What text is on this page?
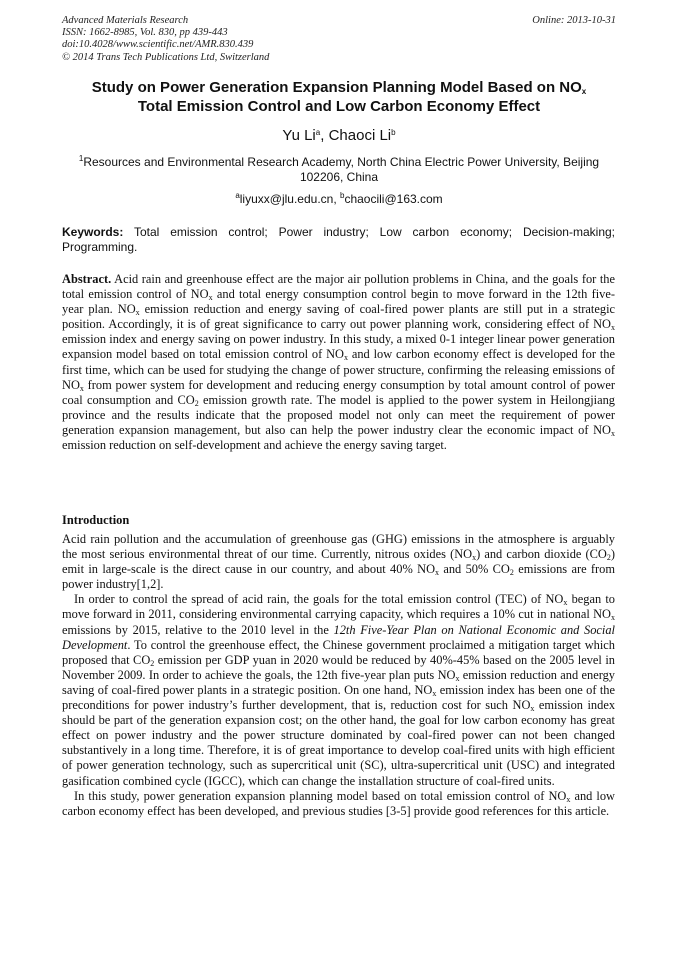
Advanced Materials Research
ISSN: 1662-8985, Vol. 830, pp 439-443
doi:10.4028/www.scientific.net/AMR.830.439
© 2014 Trans Tech Publications Ltd, Switzerland
Online: 2013-10-31
Study on Power Generation Expansion Planning Model Based on $NO_x$
Total Emission Control and Low Carbon Economy Effect
Yu Li$^a$, Chaoci Li$^b$
$^1$Resources and Environmental Research Academy, North China Electric Power University, Beijing
102206, China
$^a$liyuxx@jlu.edu.cn, $^b$chaocili@163.com
Keywords: Total emission control; Power industry; Low carbon economy; Decision-making; Programming.
Abstract. Acid rain and greenhouse effect are the major air pollution problems in China, and the goals for the total emission control of $NO_x$ and total energy consumption control begin to move forward in the 12th five-year plan. $NO_x$ emission reduction and energy saving of coal-fired power plants are still put in a strategic position. Accordingly, it is of great significance to carry out power planning work, considering effect of $NO_x$ emission index and energy saving on power industry. In this study, a mixed 0-1 integer linear power generation expansion model based on total emission control of $NO_x$ and low carbon economy effect is developed for the first time, which can be used for studying the change of power structure, confirming the releasing emissions of $NO_x$ from power system for development and reducing energy consumption by total amount control of power coal consumption and $CO_2$ emission growth rate. The model is applied to the power system in Heilongjiang province and the results indicate that the proposed model not only can meet the requirement of power generation expansion management, but also can help the power industry clear the economic impact of $NO_x$ emission reduction on self-development and achieve the energy saving target.
Introduction

Acid rain pollution and the accumulation of greenhouse gas (GHG) emissions in the atmosphere is arguably the most serious environmental threat of our time. Currently, nitrous oxides $(NO_x)$ and carbon dioxide $(CO_2)$ emit in large-scale is the direct cause in our country, and about 40% $NO_x$ and 50% $CO_2$ emissions are from power industry[1,2].

In order to control the spread of acid rain, the goals for the total emission control (TEC) of $NO_x$ began to move forward in 2011, considering environmental carrying capacity, which requires a 10% cut in national $NO_x$ emissions by 2015, relative to the 2010 level in the 12th Five-Year Plan on National Economic and Social Development. To control the greenhouse effect, the Chinese government proclaimed a mitigation target which proposed that $CO_2$ emission per GDP yuan in 2020 would be reduced by 40%-45% based on the 2005 level in November 2009. In order to achieve the goals, the 12th five-year plan puts $NO_x$ emission reduction and energy saving of coal-fired power plants in a strategic position. On one hand, $NO_x$ emission index has been one of the preconditions for power industry’s further development, that is, reduction cost for such $NO_x$ emission index should be part of the generation expansion cost; on the other hand, the goal for low carbon economy has great effect on power industry and the power structure dominated by coal-fired power can not been changed substantively in a long time. Therefore, it is of great importance to develop coal-fired units with high efficient of power generation technology, such as supercritical unit (SC), ultra-supercritical unit (USC) and integrated gasification combined cycle (IGCC), which can change the installation structure of coal-fired units.

In this study, power generation expansion planning model based on total emission control of $NO_x$ and low carbon economy effect has been developed, and previous studies [3-5] provide good references for this article.
